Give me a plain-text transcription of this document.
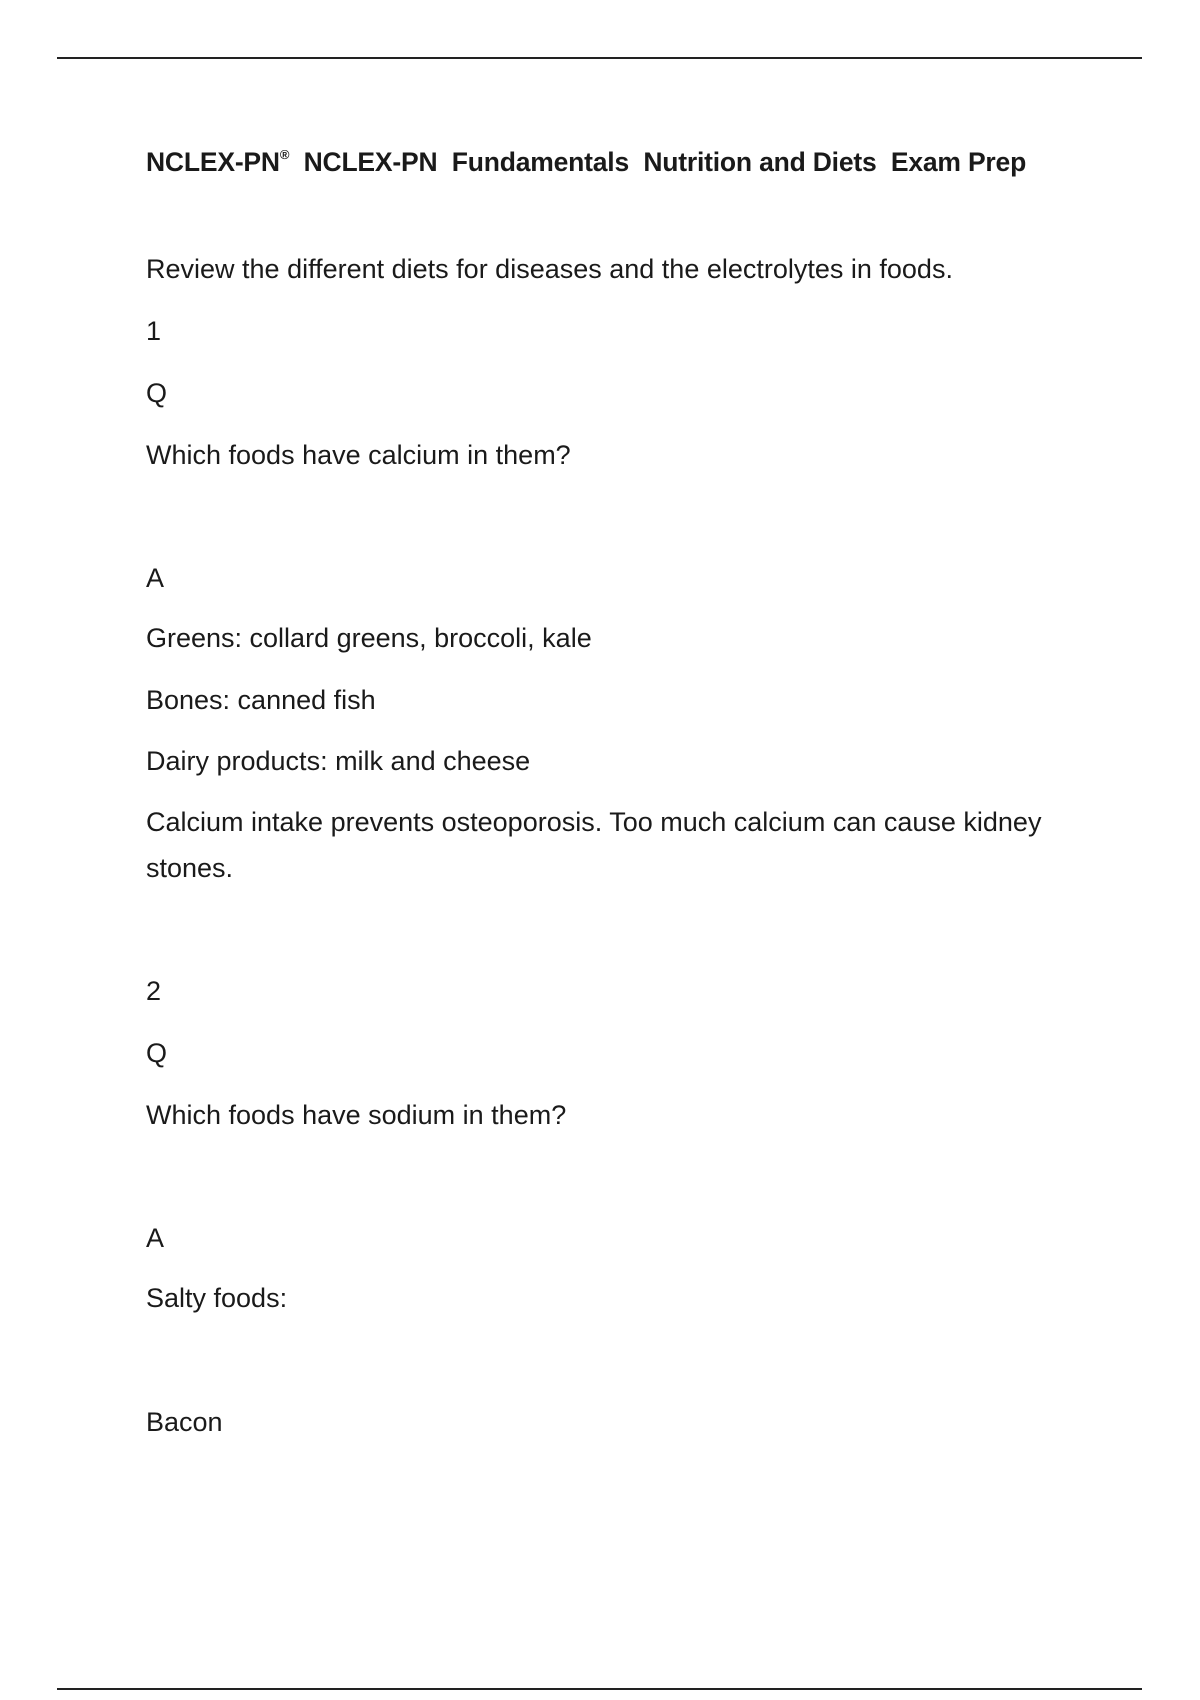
NCLEX-PN®  NCLEX-PN  Fundamentals  Nutrition and Diets  Exam Prep
Review the different diets for diseases and the electrolytes in foods.
1
Q
Which foods have calcium in them?
A
Greens: collard greens, broccoli, kale
Bones: canned fish
Dairy products: milk and cheese
Calcium intake prevents osteoporosis. Too much calcium can cause kidney stones.
2
Q
Which foods have sodium in them?
A
Salty foods:
Bacon
